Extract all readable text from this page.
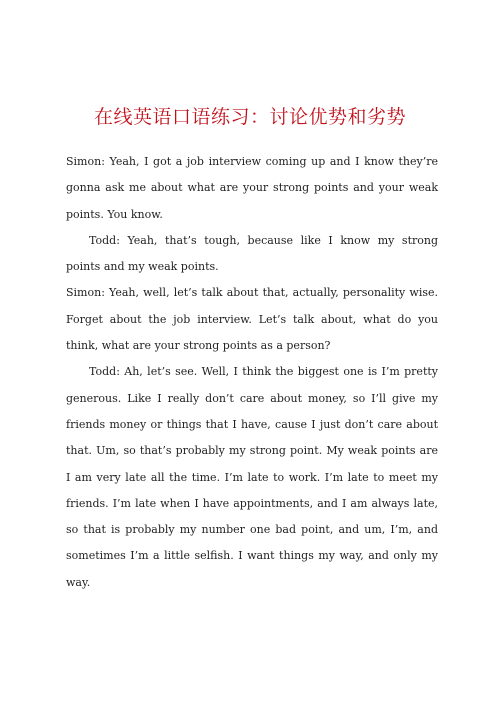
在线英语口语练习：讨论优势和劣势

Simon: Yeah, I got a job interview coming up and I know they’re gonna ask me about what are your strong points and your weak points. You know.

Todd: Yeah, that’s tough, because like I know my strong points and my weak points.

Simon: Yeah, well, let’s talk about that, actually, personality wise. Forget about the job interview. Let’s talk about, what do you think, what are your strong points as a person?

Todd: Ah, let’s see. Well, I think the biggest one is I’m pretty generous. Like I really don’t care about money, so I’ll give my friends money or things that I have, cause I just don’t care about that. Um, so that’s probably my strong point. My weak points are I am very late all the time. I’m late to work. I’m late to meet my friends. I’m late when I have appointments, and I am always late, so that is probably my number one bad point, and um, I’m, and sometimes I’m a little selfish. I want things my way, and only my way.
